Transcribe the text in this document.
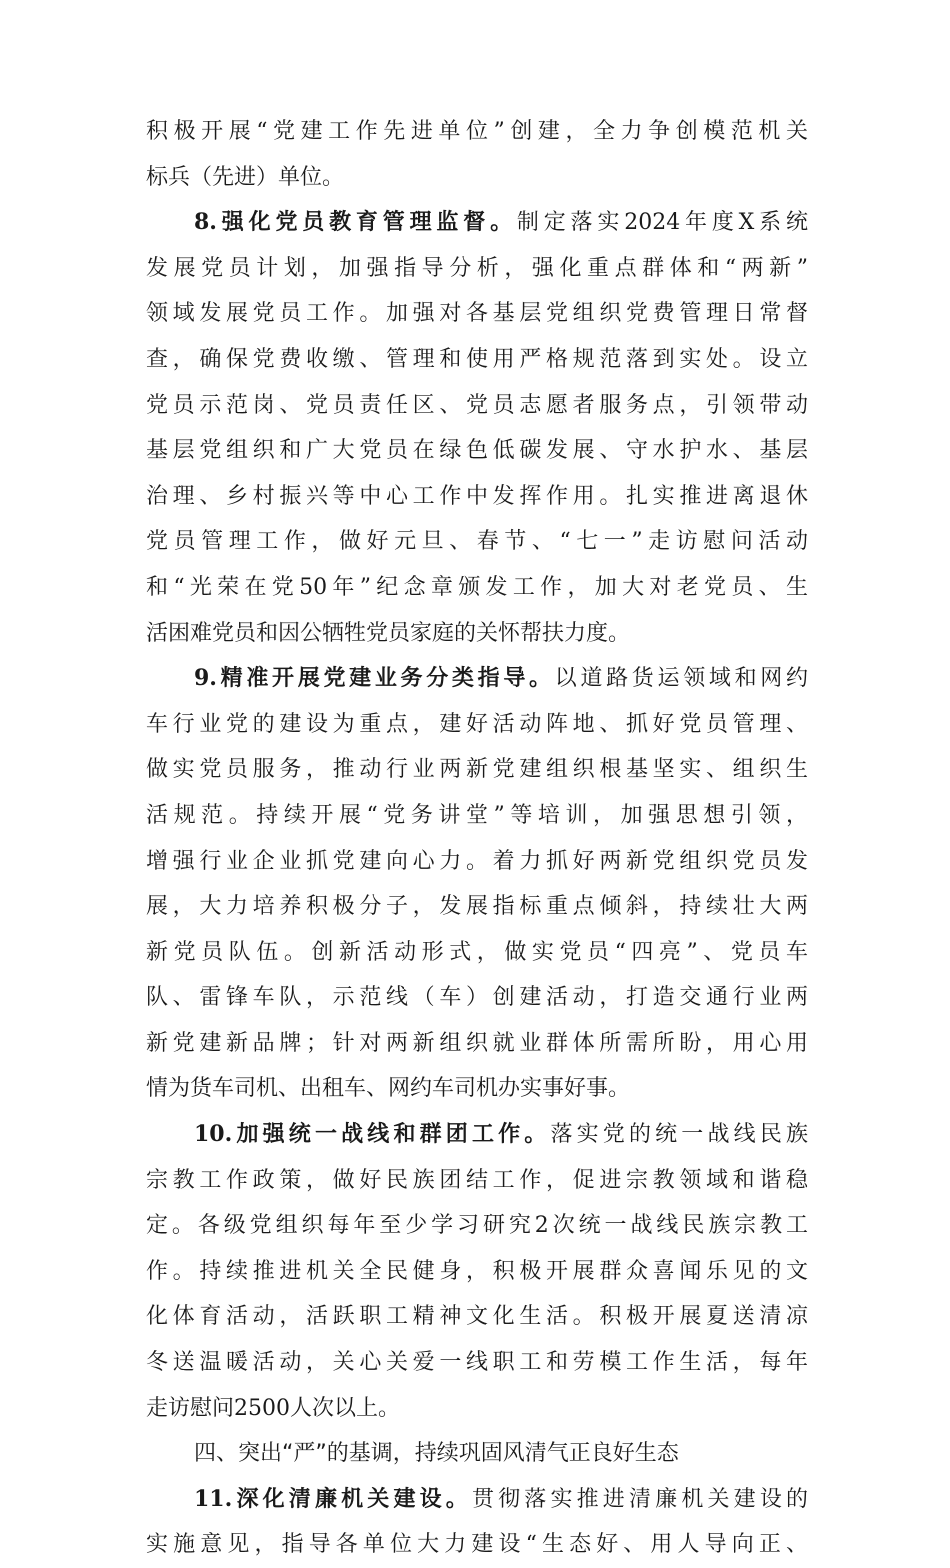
积极开展“党建工作先进单位”创建，全力争创模范机关
标兵（先进）单位。
8.强化党员教育管理监督。制定落实2024年度X系统
发展党员计划，加强指导分析，强化重点群体和“两新”
领域发展党员工作。加强对各基层党组织党费管理日常督
查，确保党费收缴、管理和使用严格规范落到实处。设立
党员示范岗、党员责任区、党员志愿者服务点，引领带动
基层党组织和广大党员在绿色低碳发展、守水护水、基层
治理、乡村振兴等中心工作中发挥作用。扎实推进离退休
党员管理工作，做好元旦、春节、“七一”走访慰问活动
和“光荣在党50年”纪念章颁发工作，加大对老党员、生
活困难党员和因公牺牲党员家庭的关怀帮扶力度。
9.精准开展党建业务分类指导。以道路货运领域和网约
车行业党的建设为重点，建好活动阵地、抓好党员管理、
做实党员服务，推动行业两新党建组织根基坚实、组织生
活规范。持续开展“党务讲堂”等培训，加强思想引领，
增强行业企业抓党建向心力。着力抓好两新党组织党员发
展，大力培养积极分子，发展指标重点倾斜，持续壮大两
新党员队伍。创新活动形式，做实党员“四亮”、党员车
队、雷锋车队，示范线（车）创建活动，打造交通行业两
新党建新品牌；针对两新组织就业群体所需所盼，用心用
情为货车司机、出租车、网约车司机办实事好事。
10.加强统一战线和群团工作。落实党的统一战线民族
宗教工作政策，做好民族团结工作，促进宗教领域和谐稳
定。各级党组织每年至少学习研究2次统一战线民族宗教工
作。持续推进机关全民健身，积极开展群众喜闻乐见的文
化体育活动，活跃职工精神文化生活。积极开展夏送清凉
冬送温暖活动，关心关爱一线职工和劳模工作生活，每年
走访慰问2500人次以上。
四、突出“严”的基调，持续巩固风清气正良好生态
11.深化清廉机关建设。贯彻落实推进清廉机关建设的
实施意见，指导各单位大力建设“生态好、用人导向正、
